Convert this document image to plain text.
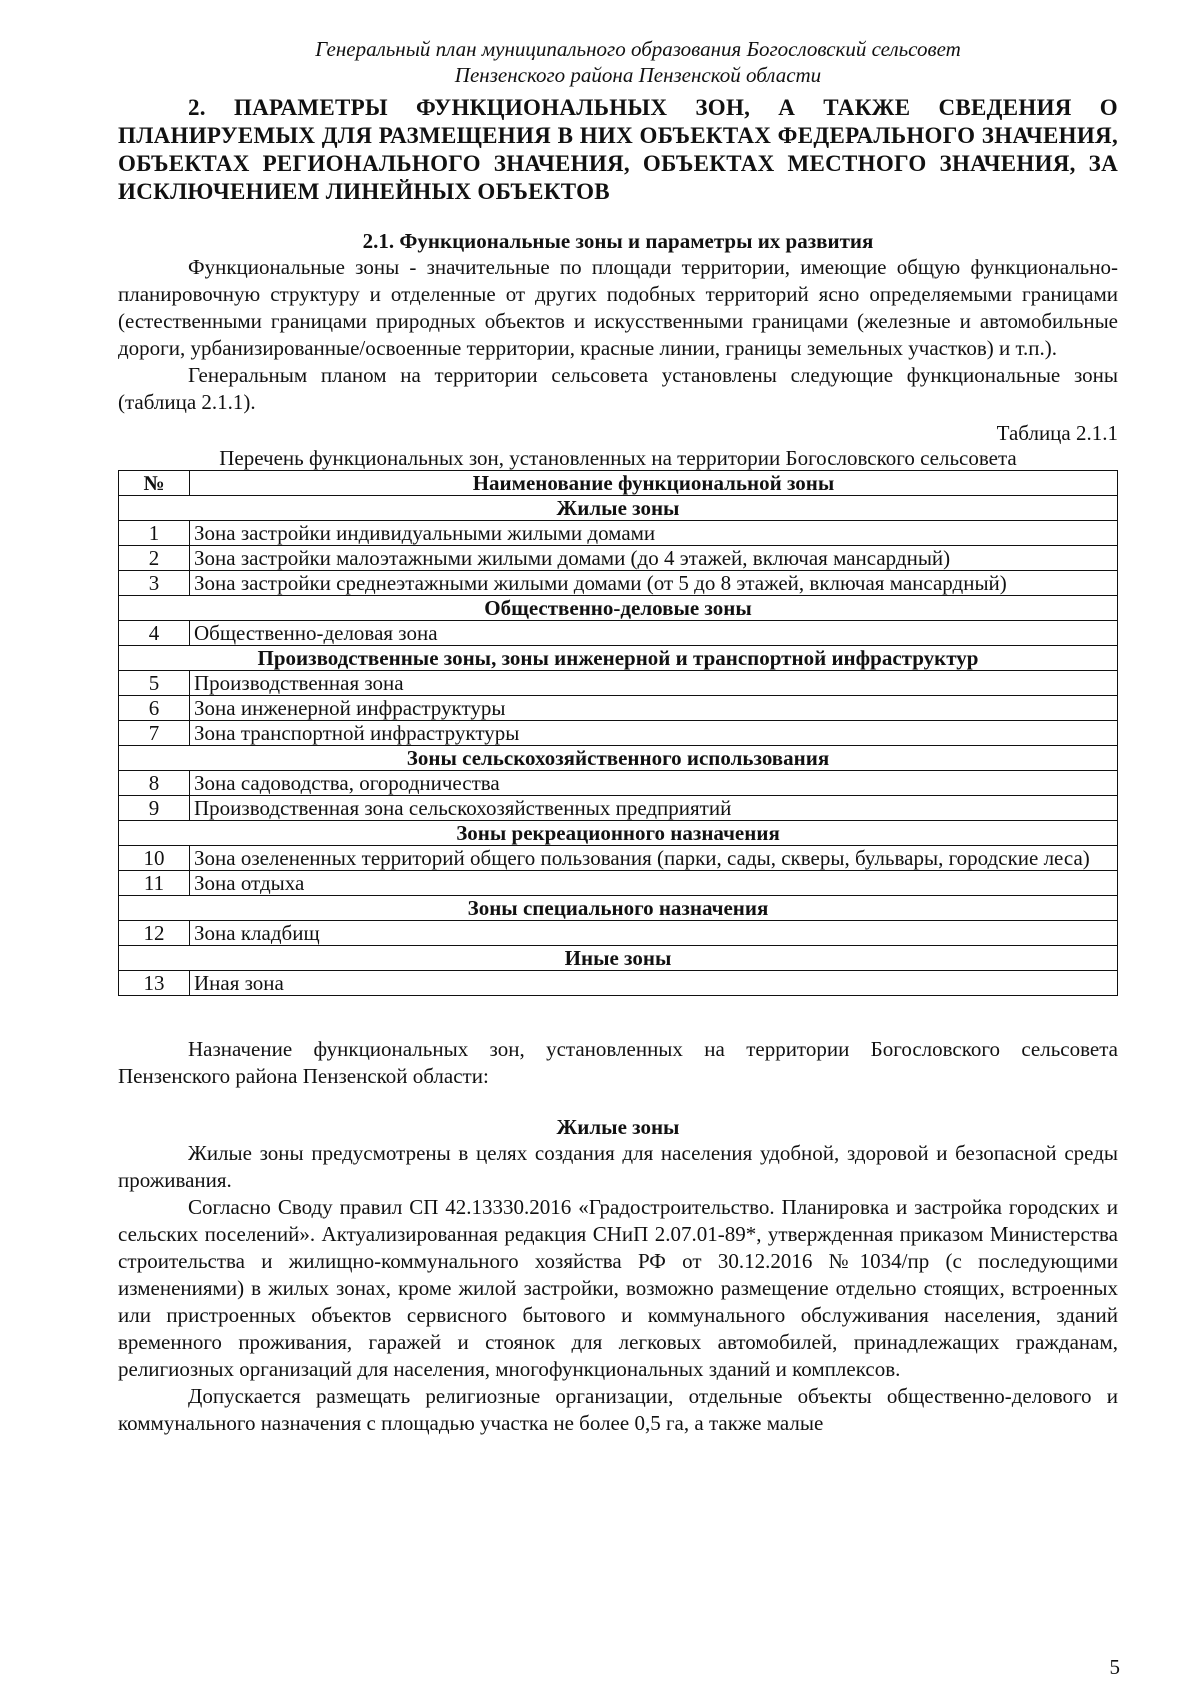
Генеральный план муниципального образования Богословский сельсовет
Пензенского района Пензенской области
2. ПАРАМЕТРЫ ФУНКЦИОНАЛЬНЫХ ЗОН, А ТАКЖЕ СВЕДЕНИЯ О ПЛАНИРУЕМЫХ ДЛЯ РАЗМЕЩЕНИЯ В НИХ ОБЪЕКТАХ ФЕДЕРАЛЬНОГО ЗНАЧЕНИЯ, ОБЪЕКТАХ РЕГИОНАЛЬНОГО ЗНАЧЕНИЯ, ОБЪЕКТАХ МЕСТНОГО ЗНАЧЕНИЯ, ЗА ИСКЛЮЧЕНИЕМ ЛИНЕЙНЫХ ОБЪЕКТОВ
2.1. Функциональные зоны и параметры их развития

Функциональные зоны - значительные по площади территории, имеющие общую функционально-планировочную структуру и отделенные от других подобных территорий ясно определяемыми границами (естественными границами природных объектов и искусственными границами (железные и автомобильные дороги, урбанизированные/освоенные территории, красные линии, границы земельных участков) и т.п.).

Генеральным планом на территории сельсовета установлены следующие функциональные зоны (таблица 2.1.1).

Таблица 2.1.1
Перечень функциональных зон, установленных на территории Богословского сельсовета
№	Наименование функциональной зоны
Жилые зоны	
1	Зона застройки индивидуальными жилыми домами
2	Зона застройки малоэтажными жилыми домами (до 4 этажей, включая мансардный)
3	Зона застройки среднеэтажными жилыми домами (от 5 до 8 этажей, включая мансардный)
Общественно-деловые зоны	
4	Общественно-деловая зона
Производственные зоны, зоны инженерной и транспортной инфраструктур	
5	Производственная зона
6	Зона инженерной инфраструктуры
7	Зона транспортной инфраструктуры
Зоны сельскохозяйственного использования	
8	Зона садоводства, огородничества
9	Производственная зона сельскохозяйственных предприятий
Зоны рекреационного назначения	
10	Зона озелененных территорий общего пользования (парки, сады, скверы, бульвары, городские леса)
11	Зона отдыха
Зоны специального назначения	
12	Зона кладбищ
Иные зоны	
13	Иная зона

Назначение функциональных зон, установленных на территории Богословского сельсовета Пензенского района Пензенской области:

Жилые зоны

Жилые зоны предусмотрены в целях создания для населения удобной, здоровой и безопасной среды проживания.

Согласно Своду правил СП 42.13330.2016 «Градостроительство. Планировка и застройка городских и сельских поселений». Актуализированная редакция СНиП 2.07.01-89*, утвержденная приказом Министерства строительства и жилищно-коммунального хозяйства РФ от 30.12.2016 №1034/пр (с последующими изменениями) в жилых зонах, кроме жилой застройки, возможно размещение отдельно стоящих, встроенных или пристроенных объектов сервисного бытового и коммунального обслуживания населения, зданий временного проживания, гаражей и стоянок для легковых автомобилей, принадлежащих гражданам, религиозных организаций для населения, многофункциональных зданий и комплексов.

Допускается размещать религиозные организации, отдельные объекты общественно-делового и коммунального назначения с площадью участка не более 0,5 га, а также малые

5
